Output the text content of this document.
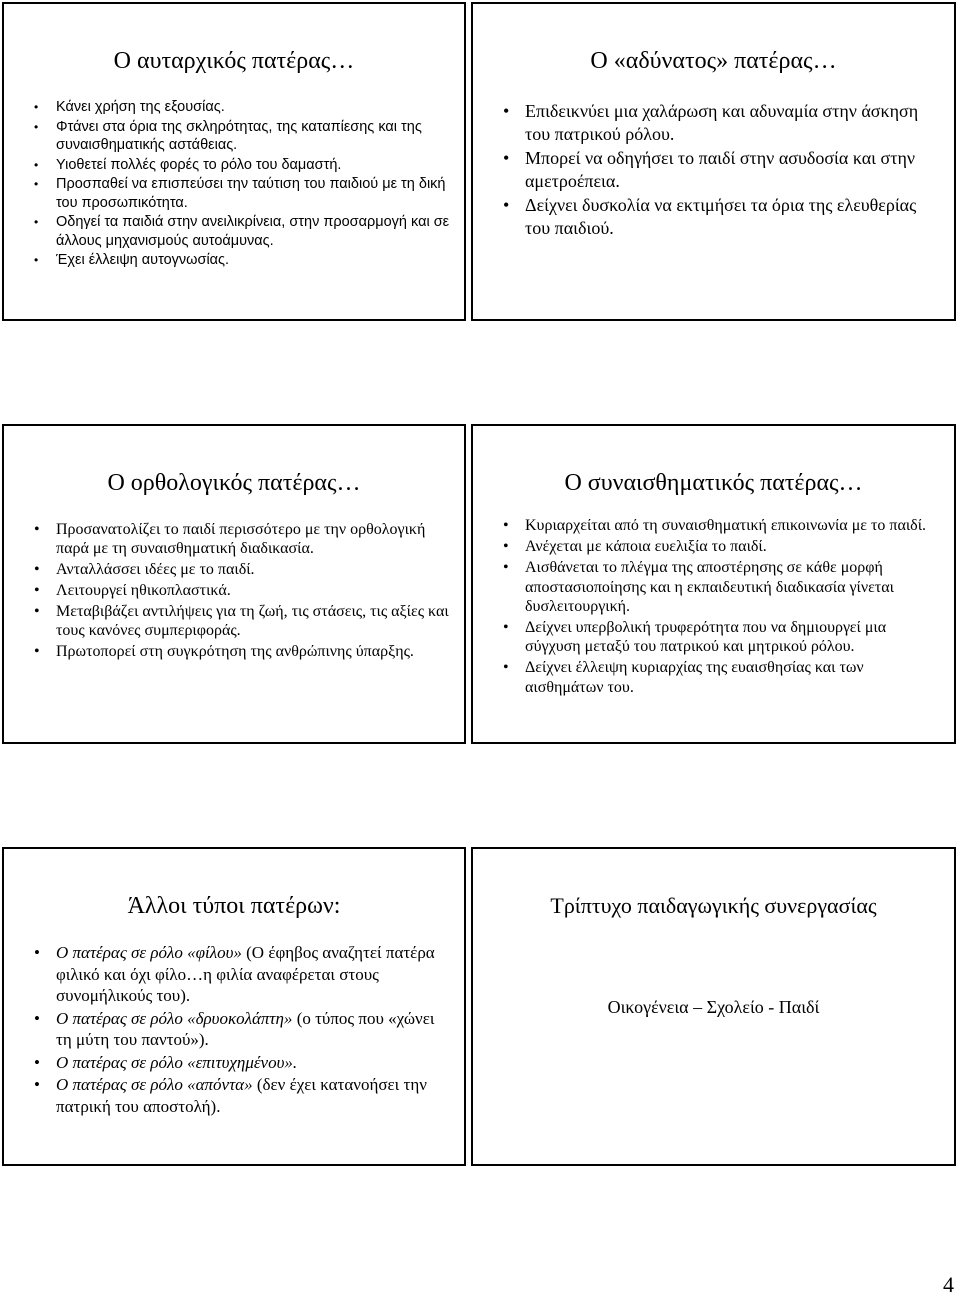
Ο αυταρχικός πατέρας…
• Κάνει χρήση της εξουσίας.
• Φτάνει στα όρια της σκληρότητας, της καταπίεσης και της συναισθηματικής αστάθειας.
• Υιοθετεί πολλές φορές το ρόλο του δαμαστή.
• Προσπαθεί να επισπεύσει την ταύτιση του παιδιού με τη δική του προσωπικότητα.
• Οδηγεί τα παιδιά στην ανειλικρίνεια, στην προσαρμογή και σε άλλους μηχανισμούς αυτοάμυνας.
• Έχει έλλειψη αυτογνωσίας.
Ο «αδύνατος» πατέρας…
• Επιδεικνύει μια χαλάρωση και αδυναμία στην άσκηση του πατρικού ρόλου.
• Μπορεί να οδηγήσει το παιδί στην ασυδοσία και στην αμετροέπεια.
• Δείχνει δυσκολία να εκτιμήσει τα όρια της ελευθερίας του παιδιού.
Ο ορθολογικός πατέρας…
• Προσανατολίζει το παιδί περισσότερο με την ορθολογική παρά με τη συναισθηματική διαδικασία.
• Ανταλλάσσει ιδέες με το παιδί.
• Λειτουργεί ηθικοπλαστικά.
• Μεταβιβάζει αντιλήψεις για τη ζωή, τις στάσεις, τις αξίες και τους κανόνες συμπεριφοράς.
• Πρωτοπορεί στη συγκρότηση της ανθρώπινης ύπαρξης.
Ο συναισθηματικός πατέρας…
• Κυριαρχείται από τη συναισθηματική επικοινωνία με το παιδί.
• Ανέχεται με κάποια ευελιξία το παιδί.
• Αισθάνεται το πλέγμα της αποστέρησης σε κάθε μορφή αποστασιοποίησης και η εκπαιδευτική διαδικασία γίνεται δυσλειτουργική.
• Δείχνει υπερβολική τρυφερότητα που να δημιουργεί μια σύγχυση μεταξύ του πατρικού και μητρικού ρόλου.
• Δείχνει έλλειψη κυριαρχίας της ευαισθησίας και των αισθημάτων του.
Άλλοι τύποι πατέρων:
• Ο πατέρας σε ρόλο «φίλου» (Ο έφηβος αναζητεί πατέρα φιλικό και όχι φίλο…η φιλία αναφέρεται στους συνομήλικούς του).
• Ο πατέρας σε ρόλο «δρυοκολάπτη» (ο τύπος που «χώνει τη μύτη του παντού»).
• Ο πατέρας σε ρόλο «επιτυχημένου».
• Ο πατέρας σε ρόλο «απόντα» (δεν έχει κατανοήσει την πατρική του αποστολή).
Τρίπτυχο παιδαγωγικής συνεργασίας
Οικογένεια – Σχολείο - Παιδί
4
